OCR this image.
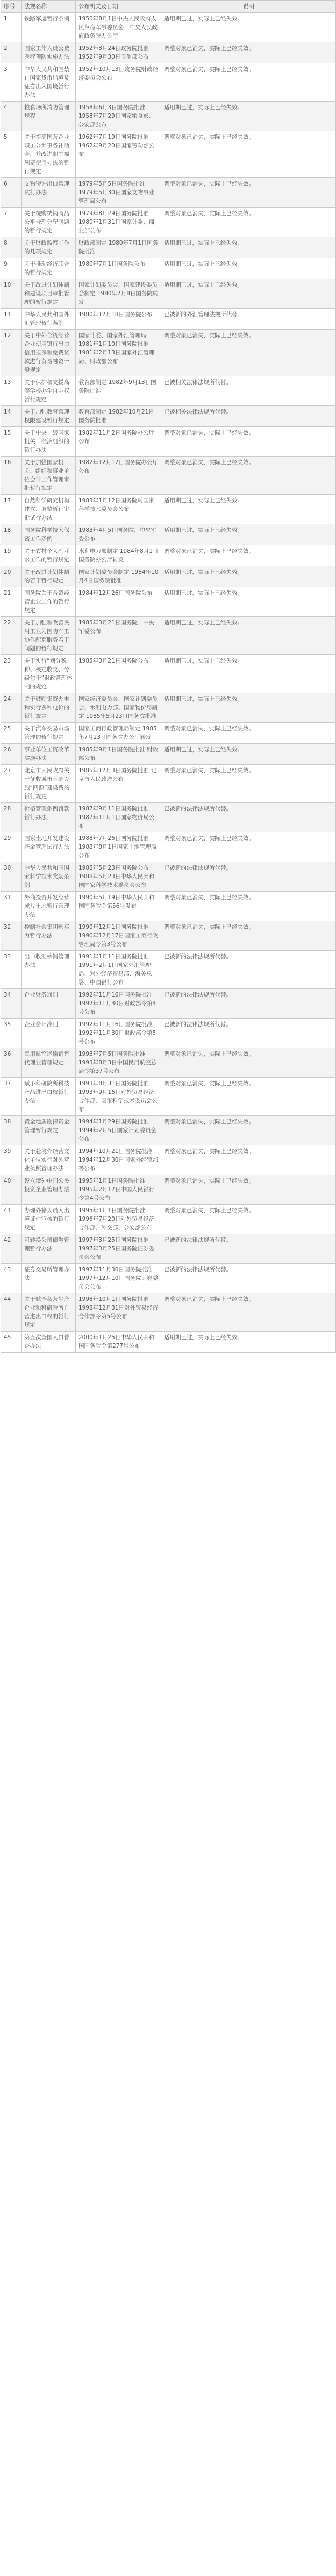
序号	法规名称	公布机关及日期	说明
1	铁路军运暂行条例	1950年8月1日中央人民政府人民革命军事委员会、中央人民政府政务院办公厅	适用期已过，实际上已经失效。
2	国家工作人员公费医疗预防实施办法	1952年8月24日政务院批准 1952年9月30日卫生部公布	调整对象已消失，实际上已经失效。
3	中华人民共和国禁止国家货币出境及证券出入国境暂行办法	1952年10月13日政务院财政经济委员会公布	调整对象已消失，实际上已经失效。
4	粮食场所消防管理规程	1958年6月3日国务院批准 1958年7月29日国家粮食部、公安部公布	适用期已过，实际上已经失效。
5	关于提高国营企业职工公共事务补助金，并改进职工福利费使用办法的暂行规定	1962年7月19日国务院批准 1962年9月20日国家劳动部公布	调整对象已消失，实际上已经失效。
6	文物特许出口管理试行办法	1979年5月5日国务院批准 1979年5月30日国家文物事业管理局公布	调整对象已消失，实际上已经失效。
7	关于统购统销商品公平合理分配问题的暂行规定	1979年8月29日国务院批准 1980年1月31日国家计委、商业部公布	调整对象已消失，实际上已经失效。
8	关于财政监察工作的几项规定	财政部制定 1980年7月1日国务院批准	适用期已过，实际上已经失效。
9	关于推动经济联合的暂行规定	1980年7月1日国务院公布	适用期已过，实际上已经失效。
10	关于改进计划体制和建设项目审批管理的暂行规定	国家计划委员会、国家建设委员会制定 1980年7月8日国务院转发	适用期已过，实际上已经失效。
11	中华人民共和国外汇管理暂行条例	1980年12月18日国务院公布	已被新的外汇管理法规所代替。
12	关于中外合资经营企业使用银行出口信用担保和免费贷款进行贸易融资一般规定	国家计委、国家外汇管理局1981年1月10日国务院批准 1981年2月13日国家外汇管理局、财政部公布	调整对象已消失，实际上已经失效。
13	关于保护和支援高等学校办学自主权暂行规定	教育部制定 1982年9月13日国务院批准	已被相关法律法规所代替。
14	关于加强教育管理权限建设暂行规定	教育部制定 1982年10月21日国务院批准	已被相关法律法规所代替。
15	关于中央一级国家机关、经济组织的暂行办法	1982年11月2日国务院办公厅公布	调整对象已消失，实际上已经失效。
16	关于加强国家机关、组织和事业单位会计工作管理审批暂行规定	1982年12月17日国务院办公厅公布	调整对象已消失，实际上已经失效。
17	自然科学研究机构建立、调整暂行审批试行办法	1983年1月12日国务院转国家科学技术委员会公布	适用期已过，实际上已经失效。
18	国务院科学技术保密工作条例	1983年4月5日国务院、中央军委公布	适用期已过，实际上已经失效。
19	关于农村个人副业水工作的暂行规定	水利电力部制定 1984年8月1日国务院办公厅转发	调整对象已消失，实际上已经失效。
20	关于改进计划体制的若干暂行规定	国家计划委员会制定 1984年10月4日国务院批准	适用期已过，实际上已经失效。
21	国务院关于合资经营企业工作的暂行规定	1984年12月26日国务院公布	适用期已过，实际上已经失效。
22	关于加强和改善民用工业为国防军工协作配套服务若干问题的暂行规定	1985年3月21日国务院、中央军委公布	适用期已过，实际上已经失效。
23	关于实行“划分税种、核定收支、分级包干”财政管理体制的规定	1985年3月21日国务院公布	适用期已过，实际上已经失效。
24	关于鼓励集资办电和实行多种电价的暂行规定	国家经济委员会、国家计划委员会、水利电力部、国家物价局制定 1985年5月23日国务院批准	适用期已过，实际上已经失效。
25	关于汽车交易市场管理的暂行规定	国家工商行政管理局制定 1985年7月23日国务院办公厅转发	调整对象已消失，实际上已经失效。
26	事业单位工资改革实施办法	1985年9月1日国务院批准 财政部公布	适用期已过，实际上已经失效。
27	北京市人民政府关于征收城市基础设施“四源”建设费的暂行规定	1985年12月3日国务院批准 北京市人民政府公布	调整对象已消失，实际上已经失效。
28	价格管理条例罚款暂行办法	1987年9月11日国务院批准 1987年11月1日国家物价局公布	已被新的法律法规所代替。
29	国家土地开发建设基金管理试行办法	1988年7月26日国务院批准 1988年8月1日国家土地管理局公布	调整对象已消失，实际上已经失效。
30	中华人民共和国国家科学技术奖励条例	1988年5月23日国务院公布 1988年5月23日中华人民共和国国家科学技术委员会公布	已被新的法律法规所代替。
31	外商投资开发经营成片土地暂行管理办法	1990年5月19日中华人民共和国国务院令第56号发布	调整对象已消失，实际上已经失效。
32	控制社会集团购买力暂行办法	1990年12月1日国务院批准 1990年12月17日国家工商行政管理局令第3号公布	调整对象已消失，实际上已经失效。
33	出口收汇核销管理办法	1991年1月11日国务院批准 1991年2月1日国家外汇管理局、对外经济贸易部、海关总署、中国银行公布	已被新的法律法规所代替。
34	企业财务通则	1992年11月16日国务院批准 1992年11月30日财政部令第4号公布	已被新的法律法规所代替。
35	企业会计准则	1992年11月16日国务院批准 1992年11月30日财政部令第5号公布	已被新的法律法规所代替。
36	民用航空运输销售代理业管理规定	1993年7月5日国务院批准 1993年8月3日中国民用航空总局令第37号公布	调整对象已消失，实际上已经失效。
37	赋予科研院所科技产品进出口权暂行办法	1993年8月31日国务院批准 1993年9月16日对外贸易经济合作部、国家科学技术委员会公布	调整对象已消失，实际上已经失效。
38	黄金地质勘探资金管理暂行规定	1994年1月29日国务院批准 1994年2月5日国家计划委员会公布	调整对象已消失，实际上已经失效。
39	关于赴境外经营文化单位实行对外营业执照管理办法	1994年10月21日国务院批准 1994年12月30日国家外经贸部等公布	调整对象已消失，实际上已经失效。
40	设立境外中国公民投资企业管理办法	1995年1月1日国务院批准 1995年2月17日中国人民银行令第4号公布	调整对象已消失，实际上已经失效。
41	办理外籍人员入出境证件审核的暂行规定	1995年1月1日国务院批准 1996年7月20日对外贸易经济合作部、外交部、公安部公布	调整对象已消失，实际上已经失效。
42	可转换公司债券管理暂行办法	1997年3月25日国务院批准 1997年3月25日国务院证券委员会公布	已被新的法律法规所代替。
43	证券交易所管理办法	1997年11月30日国务院批准 1997年12月10日国务院证券委员会公布	已被新的法律法规所代替。
44	关于赋予私营生产企业和科研院所自营进出口权的暂行规定	1998年10月1日国务院批准 1998年12月31日对外贸易经济合作部令第5号公布	调整对象已消失，实际上已经失效。
45	第五次全国人口普查办法	2000年1月25日中华人民共和国国务院令第277号公布	适用期已过，实际上已经失效。
